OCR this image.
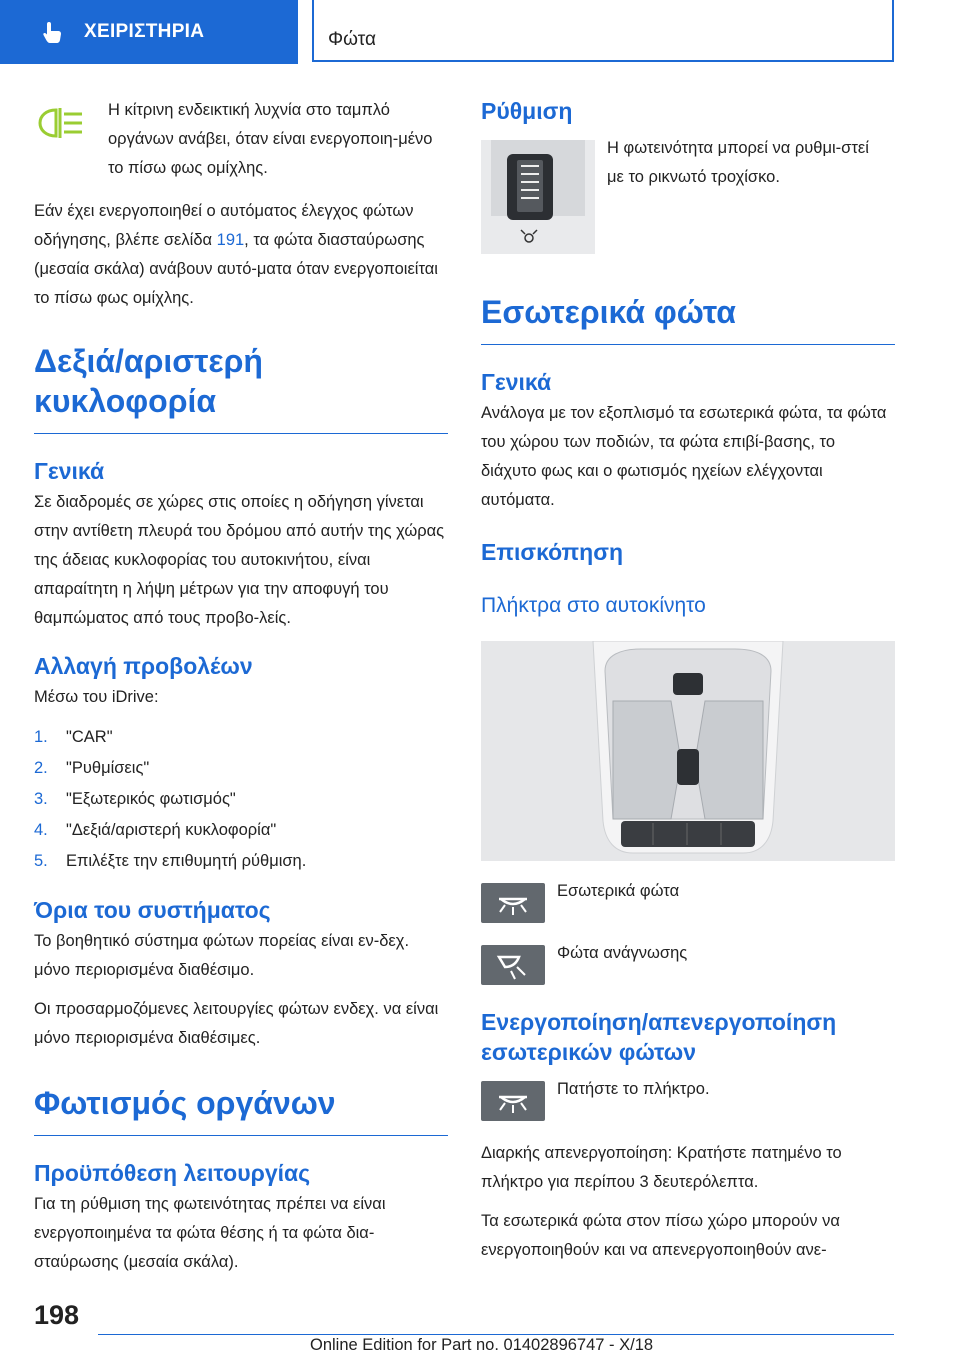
ΧΕΙΡΙΣΤΗΡΙΑ	Φώτα

Η κίτρινη ενδεικτική λυχνία στο ταμπλό οργάνων ανάβει, όταν είναι ενεργοποιη-μένο το πίσω φως ομίχλης.

Εάν έχει ενεργοποιηθεί ο αυτόματος έλεγχος φώτων οδήγησης, βλέπε σελίδα 191, τα φώτα διασταύρωσης (μεσαία σκάλα) ανάβουν αυτό-ματα όταν ενεργοποιείται το πίσω φως ομίχλης.

Δεξιά/αριστερή κυκλοφορία
Γενικά

Σε διαδρομές σε χώρες στις οποίες η οδήγηση γίνεται στην αντίθετη πλευρά του δρόμου από αυτήν της χώρας της άδειας κυκλοφορίας του αυτοκινήτου, είναι απαραίτητη η λήψη μέτρων για την αποφυγή του θαμπώματος από τους προβο-λείς.

Αλλαγή προβολέων

Μέσω του iDrive:

1.	"CAR"
2.	"Ρυθμίσεις"
3.	"Εξωτερικός φωτισμός"
4.	"Δεξιά/αριστερή κυκλοφορία"
5.	Επιλέξτε την επιθυμητή ρύθμιση.
Όρια του συστήματος

Το βοηθητικό σύστημα φώτων πορείας είναι εν-δεχ. μόνο περιορισμένα διαθέσιμο.

Οι προσαρμοζόμενες λειτουργίες φώτων ενδεχ. να είναι μόνο περιορισμένα διαθέσιμες.

Φωτισμός οργάνων
Προϋπόθεση λειτουργίας

Για τη ρύθμιση της φωτεινότητας πρέπει να είναι ενεργοποιημένα τα φώτα θέσης ή τα φώτα δια-σταύρωσης (μεσαία σκάλα).

Ρύθμιση

Η φωτεινότητα μπορεί να ρυθμι-στεί με το ρικνωτό τροχίσκο.

Εσωτερικά φώτα
Γενικά

Ανάλογα με τον εξοπλισμό τα εσωτερικά φώτα, τα φώτα του χώρου των ποδιών, τα φώτα επιβί-βασης, το διάχυτο φως και ο φωτισμός ηχείων ελέγχονται αυτόματα.

Επισκόπηση
Πλήκτρα στο αυτοκίνητο

Εσωτερικά φώτα

Φώτα ανάγνωσης

Ενεργοποίηση/απενεργοποίηση εσωτερικών φώτων

Πατήστε το πλήκτρο.

Διαρκής απενεργοποίηση: Κρατήστε πατημένο το πλήκτρο για περίπου 3 δευτερόλεπτα.

Τα εσωτερικά φώτα στον πίσω χώρο μπορούν να ενεργοποιηθούν και να απενεργοποιηθούν ανε-

198
Online Edition for Part no. 01402896747 - X/18
